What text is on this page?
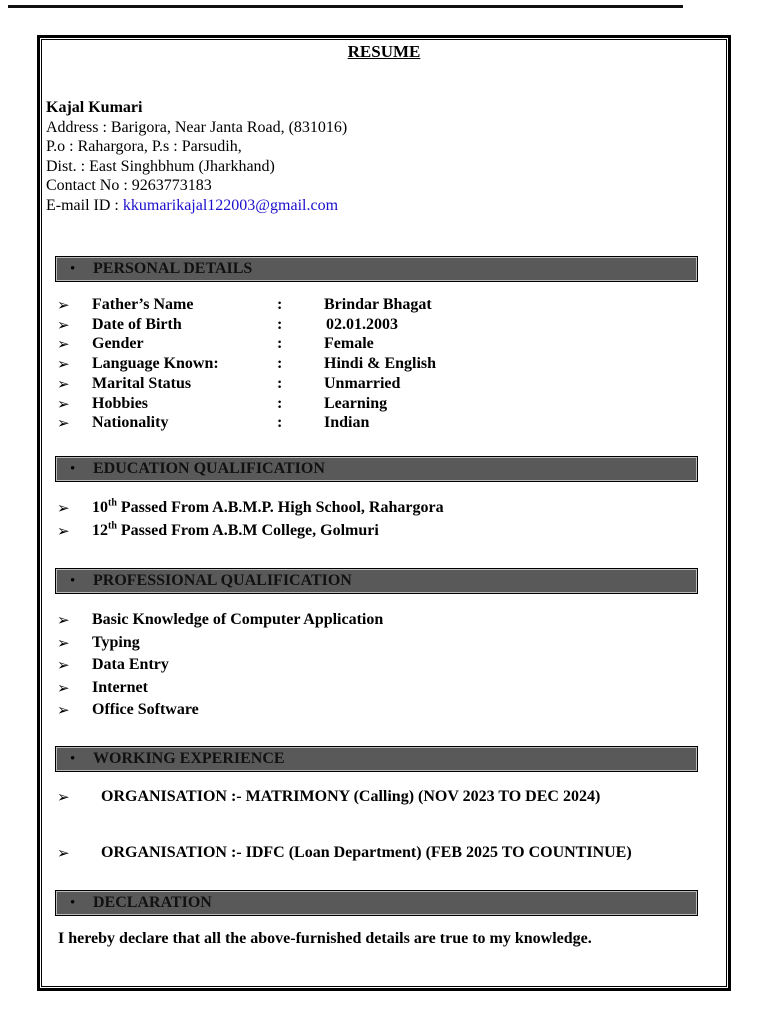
RESUME
Kajal Kumari
Address : Barigora, Near Janta Road, (831016)
P.o : Rahargora, P.s : Parsudih,
Dist. : East Singhbhum (Jharkhand)
Contact No : 9263773183
E-mail ID : kkumarikajal122003@gmail.com
• PERSONAL DETAILS
➢ Father’s Name	:	Brindar Bhagat
➢ Date of Birth	:	02.01.2003
➢ Gender	:	Female
➢ Language Known:	:	Hindi & English
➢ Marital Status	:	Unmarried
➢ Hobbies	:	Learning
➢ Nationality	:	Indian
• EDUCATION QUALIFICATION
➢ 10th Passed From A.B.M.P. High School, Rahargora
➢ 12th Passed From A.B.M College, Golmuri
• PROFESSIONAL QUALIFICATION
➢ Basic Knowledge of Computer Application
➢ Typing
➢ Data Entry
➢ Internet
➢ Office Software
• WORKING EXPERIENCE
➢ ORGANISATION :- MATRIMONY (Calling) (NOV 2023 TO DEC 2024)
➢ ORGANISATION :- IDFC (Loan Department) (FEB 2025 TO COUNTINUE)
• DECLARATION
I hereby declare that all the above-furnished details are true to my knowledge.
